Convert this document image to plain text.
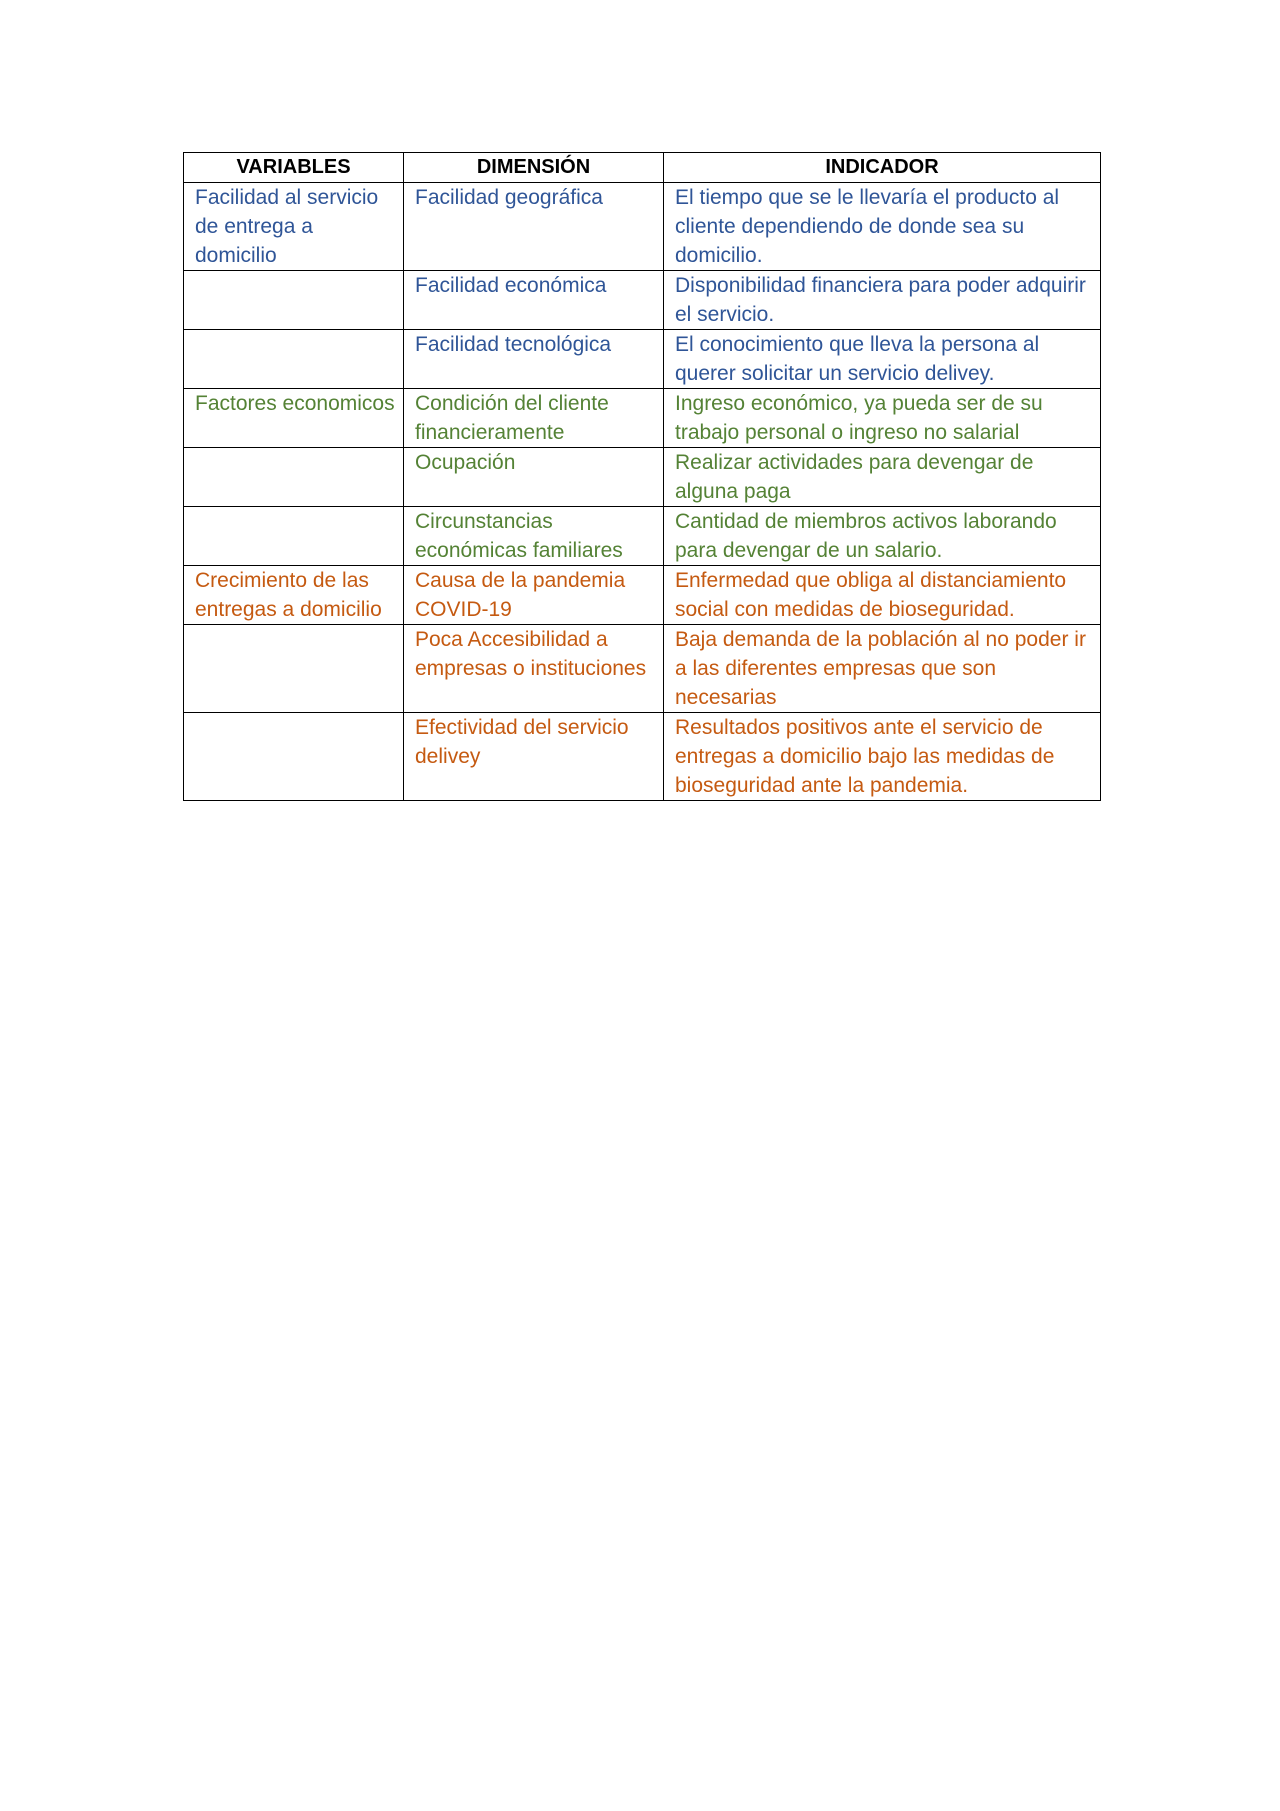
VARIABLES	DIMENSIÓN	INDICADOR
Facilidad al servicio de entrega a domicilio	Facilidad geográfica	El tiempo que se le llevaría el producto al cliente dependiendo de donde sea su domicilio.
	Facilidad económica	Disponibilidad financiera para poder adquirir el servicio.
	Facilidad tecnológica	El conocimiento que lleva la persona al querer solicitar un servicio delivey.
Factores economicos	Condición del cliente financieramente	Ingreso económico, ya pueda ser de su trabajo personal o ingreso no salarial
	Ocupación	Realizar actividades para devengar de alguna paga
	Circunstancias económicas familiares	Cantidad de miembros activos laborando para devengar de un salario.
Crecimiento de las entregas a domicilio	Causa de la pandemia COVID-19	Enfermedad que obliga al distanciamiento social con medidas de bioseguridad.
	Poca Accesibilidad a empresas o instituciones	Baja demanda de la población al no poder ir a las diferentes empresas que son necesarias
	Efectividad del servicio delivey	Resultados positivos ante el servicio de entregas a domicilio bajo las medidas de bioseguridad ante la pandemia.
